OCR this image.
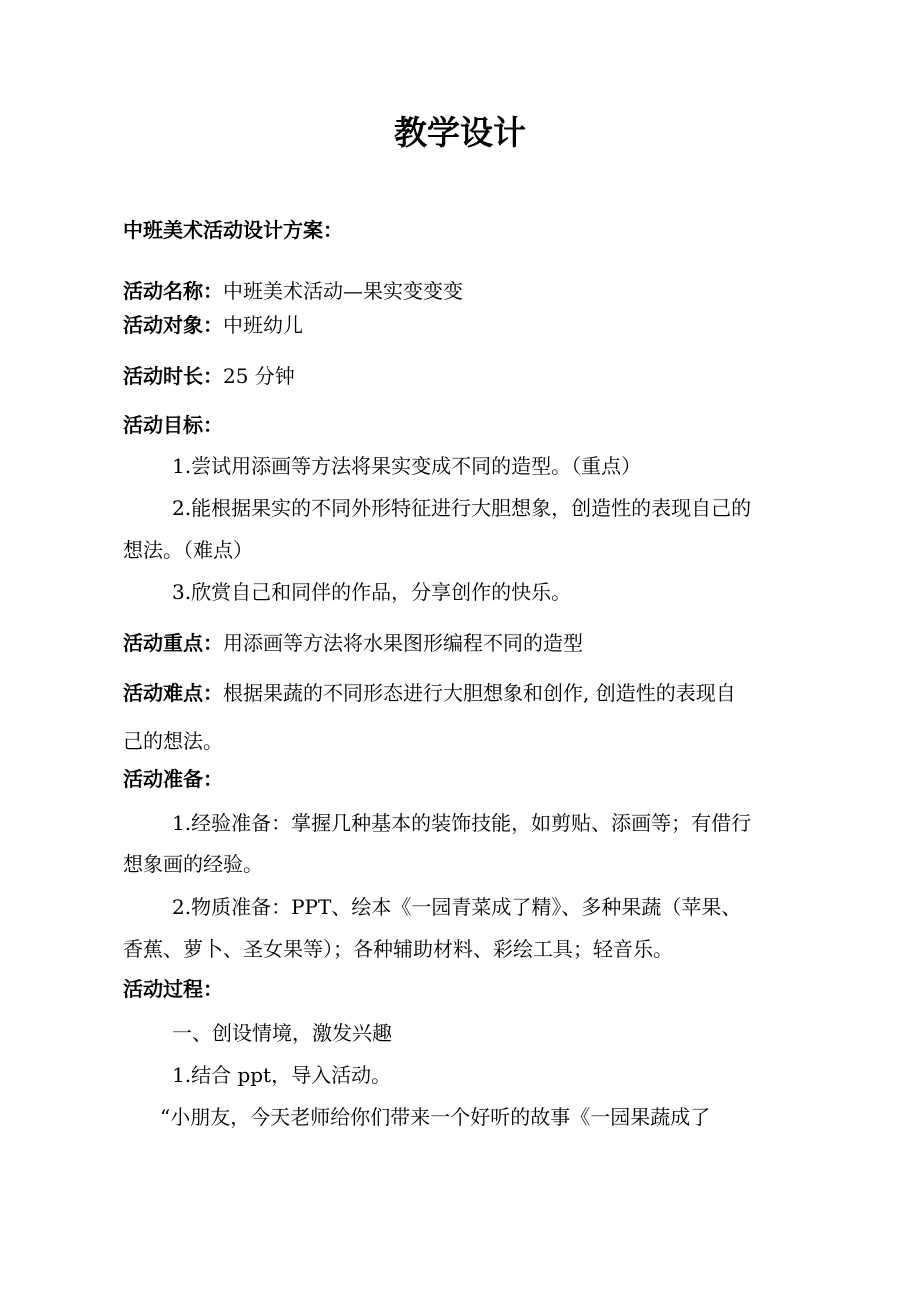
教学设计
中班美术活动设计方案：
活动名称：中班美术活动—果实变变变
活动对象：中班幼儿
活动时长：25 分钟
活动目标：
1.尝试用添画等方法将果实变成不同的造型。（重点）
2.能根据果实的不同外形特征进行大胆想象，创造性的表现自己的
想法。（难点）
3.欣赏自己和同伴的作品，分享创作的快乐。
活动重点：用添画等方法将水果图形编程不同的造型
活动难点：根据果蔬的不同形态进行大胆想象和创作, 创造性的表现自
己的想法。
活动准备：
1.经验准备：掌握几种基本的装饰技能，如剪贴、添画等；有借行
想象画的经验。
2.物质准备：PPT、绘本《一园青菜成了精》、多种果蔬（苹果、
香蕉、萝卜、圣女果等）；各种辅助材料、彩绘工具；轻音乐。
活动过程：
一、创设情境，激发兴趣
1.结合 ppt，导入活动。
“小朋友，今天老师给你们带来一个好听的故事《一园果蔬成了
